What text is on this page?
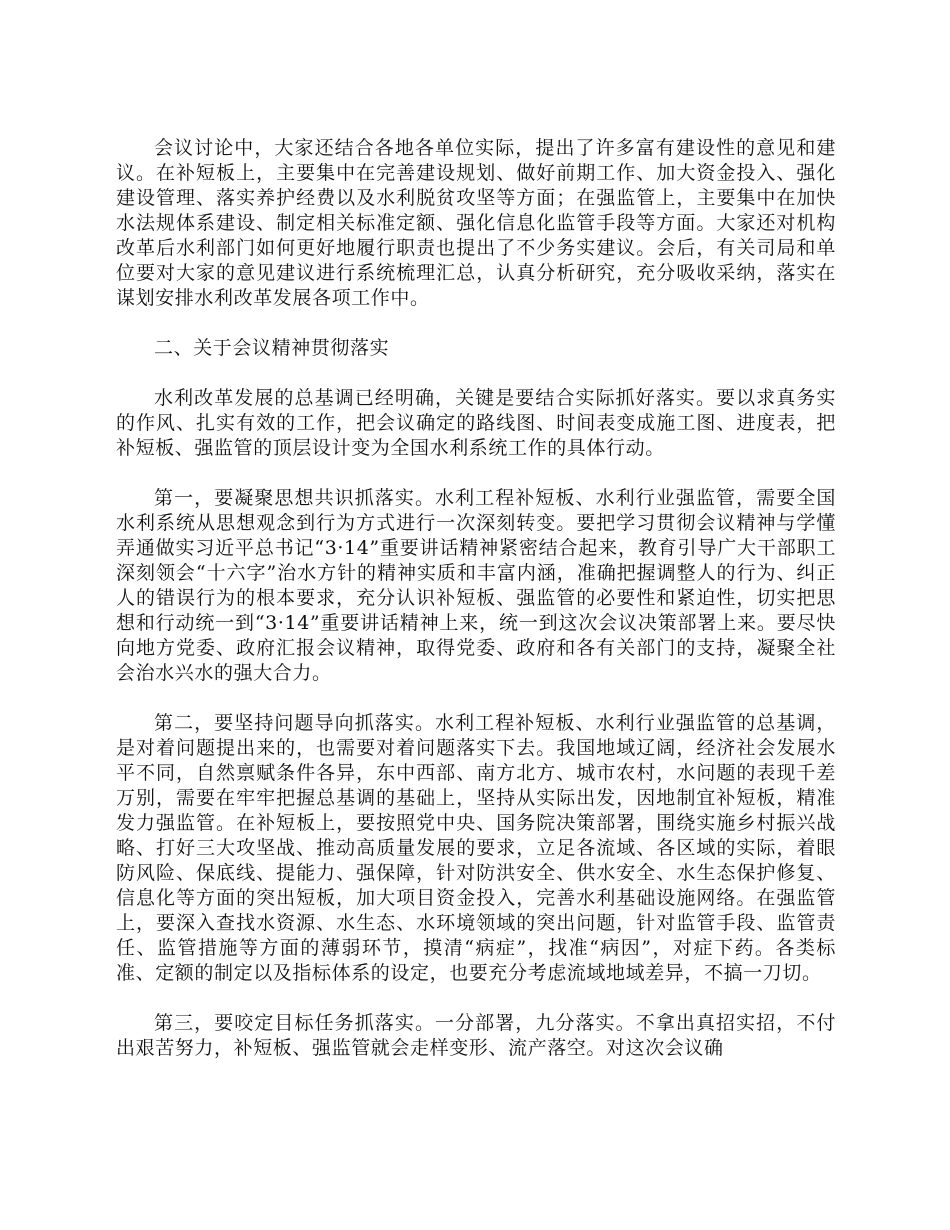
会议讨论中，大家还结合各地各单位实际，提出了许多富有建设性的意见和建议。在补短板上，主要集中在完善建设规划、做好前期工作、加大资金投入、强化建设管理、落实养护经费以及水利脱贫攻坚等方面；在强监管上，主要集中在加快水法规体系建设、制定相关标准定额、强化信息化监管手段等方面。大家还对机构改革后水利部门如何更好地履行职责也提出了不少务实建议。会后，有关司局和单位要对大家的意见建议进行系统梳理汇总，认真分析研究，充分吸收采纳，落实在谋划安排水利改革发展各项工作中。

二、关于会议精神贯彻落实

水利改革发展的总基调已经明确，关键是要结合实际抓好落实。要以求真务实的作风、扎实有效的工作，把会议确定的路线图、时间表变成施工图、进度表，把补短板、强监管的顶层设计变为全国水利系统工作的具体行动。

第一，要凝聚思想共识抓落实。水利工程补短板、水利行业强监管，需要全国水利系统从思想观念到行为方式进行一次深刻转变。要把学习贯彻会议精神与学懂弄通做实习近平总书记“3·14”重要讲话精神紧密结合起来，教育引导广大干部职工深刻领会“十六字”治水方针的精神实质和丰富内涵，准确把握调整人的行为、纠正人的错误行为的根本要求，充分认识补短板、强监管的必要性和紧迫性，切实把思想和行动统一到“3·14”重要讲话精神上来，统一到这次会议决策部署上来。要尽快向地方党委、政府汇报会议精神，取得党委、政府和各有关部门的支持，凝聚全社会治水兴水的强大合力。

第二，要坚持问题导向抓落实。水利工程补短板、水利行业强监管的总基调，是对着问题提出来的，也需要对着问题落实下去。我国地域辽阔，经济社会发展水平不同，自然禀赋条件各异，东中西部、南方北方、城市农村，水问题的表现千差万别，需要在牢牢把握总基调的基础上，坚持从实际出发，因地制宜补短板，精准发力强监管。在补短板上，要按照党中央、国务院决策部署，围绕实施乡村振兴战略、打好三大攻坚战、推动高质量发展的要求，立足各流域、各区域的实际，着眼防风险、保底线、提能力、强保障，针对防洪安全、供水安全、水生态保护修复、信息化等方面的突出短板，加大项目资金投入，完善水利基础设施网络。在强监管上，要深入查找水资源、水生态、水环境领域的突出问题，针对监管手段、监管责任、监管措施等方面的薄弱环节，摸清“病症”，找准“病因”，对症下药。各类标准、定额的制定以及指标体系的设定，也要充分考虑流域地域差异，不搞一刀切。

第三，要咬定目标任务抓落实。一分部署，九分落实。不拿出真招实招，不付出艰苦努力，补短板、强监管就会走样变形、流产落空。对这次会议确
